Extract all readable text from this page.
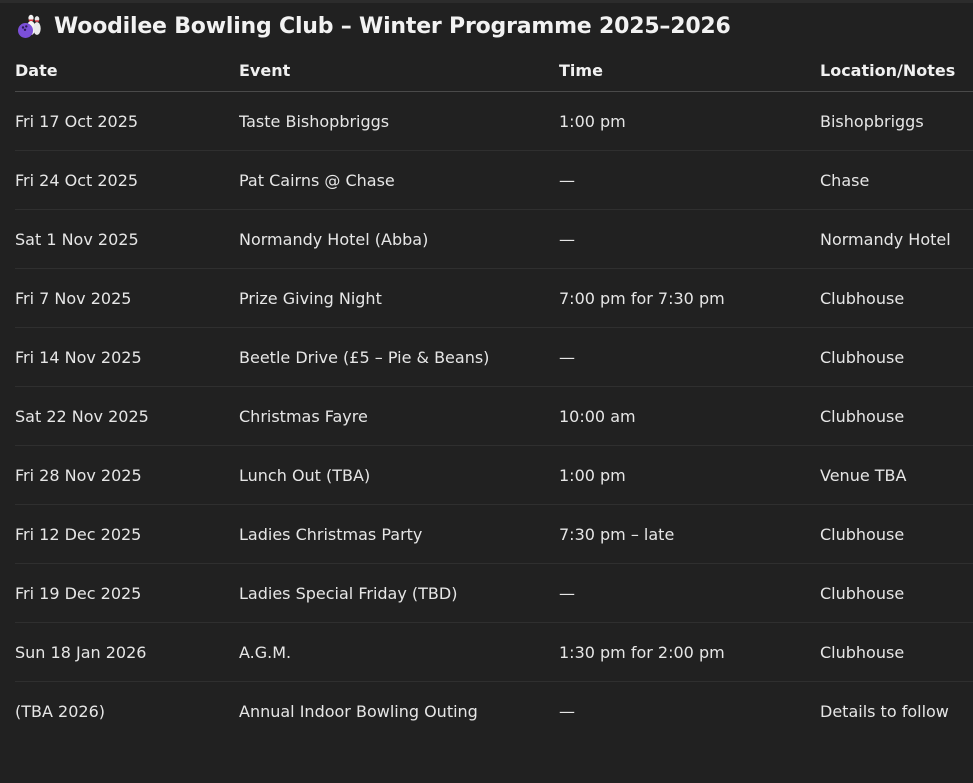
Woodilee Bowling Club – Winter Programme 2025–2026
Date	Event	Time	Location/Notes
Fri 17 Oct 2025	Taste Bishopbriggs	1:00 pm	Bishopbriggs
Fri 24 Oct 2025	Pat Cairns @ Chase	—	Chase
Sat 1 Nov 2025	Normandy Hotel (Abba)	—	Normandy Hotel
Fri 7 Nov 2025	Prize Giving Night	7:00 pm for 7:30 pm	Clubhouse
Fri 14 Nov 2025	Beetle Drive (£5 – Pie & Beans)	—	Clubhouse
Sat 22 Nov 2025	Christmas Fayre	10:00 am	Clubhouse
Fri 28 Nov 2025	Lunch Out (TBA)	1:00 pm	Venue TBA
Fri 12 Dec 2025	Ladies Christmas Party	7:30 pm – late	Clubhouse
Fri 19 Dec 2025	Ladies Special Friday (TBD)	—	Clubhouse
Sun 18 Jan 2026	A.G.M.	1:30 pm for 2:00 pm	Clubhouse
(TBA 2026)	Annual Indoor Bowling Outing	—	Details to follow
